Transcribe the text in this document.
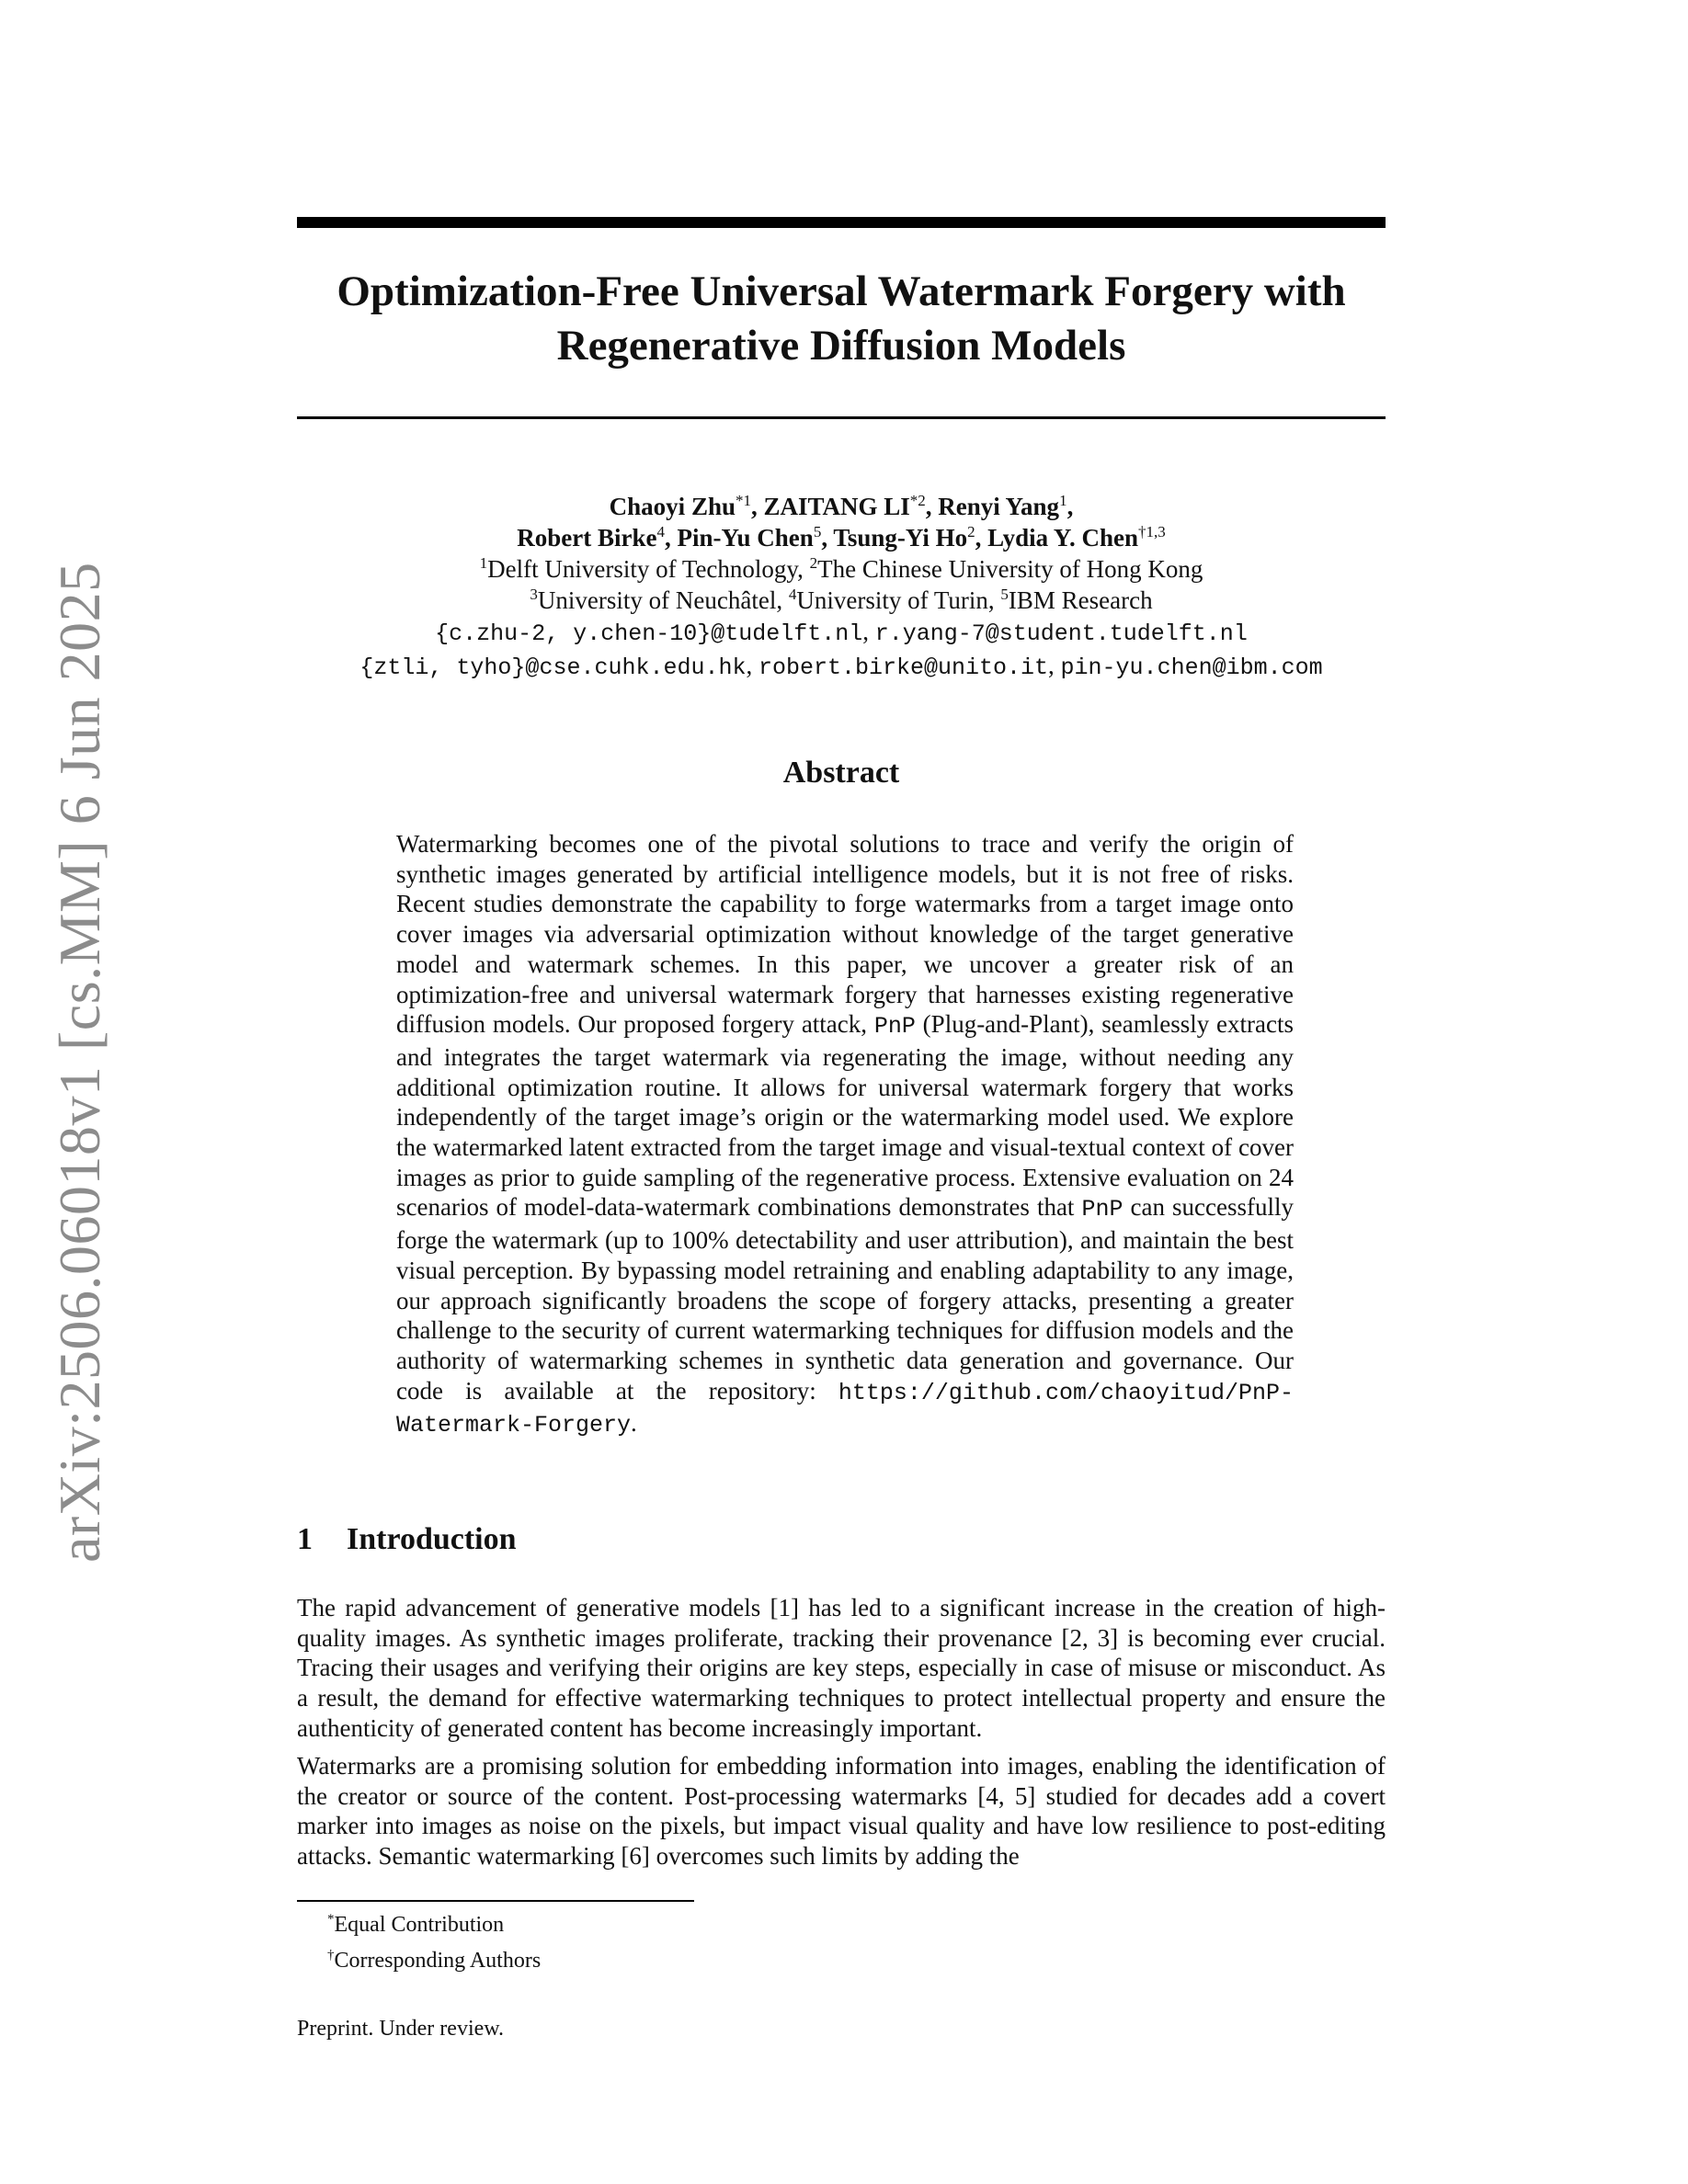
arXiv:2506.06018v1 [cs.MM] 6 Jun 2025
Optimization-Free Universal Watermark Forgery with
Regenerative Diffusion Models
Chaoyi Zhu$^{*1}$, ZAITANG LI$^{*2}$, Renyi Yang$^1$,
Robert Birke$^4$, Pin-Yu Chen$^5$, Tsung-Yi Ho$^2$, Lydia Y. Chen$^{\dagger 1,3}$
$^1$Delft University of Technology, $^2$The Chinese University of Hong Kong
$^3$University of Neuchâtel, $^4$University of Turin, $^5$IBM Research
{c.zhu-2, y.chen-10}@tudelft.nl, r.yang-7@student.tudelft.nl
{ztli, tyho}@cse.cuhk.edu.hk, robert.birke@unito.it, pin-yu.chen@ibm.com
Abstract

Watermarking becomes one of the pivotal solutions to trace and verify the origin of synthetic images generated by artificial intelligence models, but it is not free of risks. Recent studies demonstrate the capability to forge watermarks from a target image onto cover images via adversarial optimization without knowledge of the target generative model and watermark schemes. In this paper, we uncover a greater risk of an optimization-free and universal watermark forgery that harnesses existing regenerative diffusion models. Our proposed forgery attack, PnP (Plug-and-Plant), seamlessly extracts and integrates the target watermark via regenerating the image, without needing any additional optimization routine. It allows for universal watermark forgery that works independently of the target image’s origin or the watermarking model used. We explore the watermarked latent extracted from the target image and visual-textual context of cover images as prior to guide sampling of the regenerative process. Extensive evaluation on 24 scenarios of model-data-watermark combinations demonstrates that PnP can successfully forge the watermark (up to 100% detectability and user attribution), and maintain the best visual perception. By bypassing model retraining and enabling adaptability to any image, our approach significantly broadens the scope of forgery attacks, presenting a greater challenge to the security of current watermarking techniques for diffusion models and the authority of watermarking schemes in synthetic data generation and governance. Our code is available at the repository: https://github.com/chaoyitud/PnP-Watermark-Forgery.

1 Introduction

The rapid advancement of generative models [1] has led to a significant increase in the creation of high-quality images. As synthetic images proliferate, tracking their provenance [2, 3] is becoming ever crucial. Tracing their usages and verifying their origins are key steps, especially in case of misuse or misconduct. As a result, the demand for effective watermarking techniques to protect intellectual property and ensure the authenticity of generated content has become increasingly important.

Watermarks are a promising solution for embedding information into images, enabling the identification of the creator or source of the content. Post-processing watermarks [4, 5] studied for decades add a covert marker into images as noise on the pixels, but impact visual quality and have low resilience to post-editing attacks. Semantic watermarking [6] overcomes such limits by adding the

*Equal Contribution
†Corresponding Authors
Preprint. Under review.
